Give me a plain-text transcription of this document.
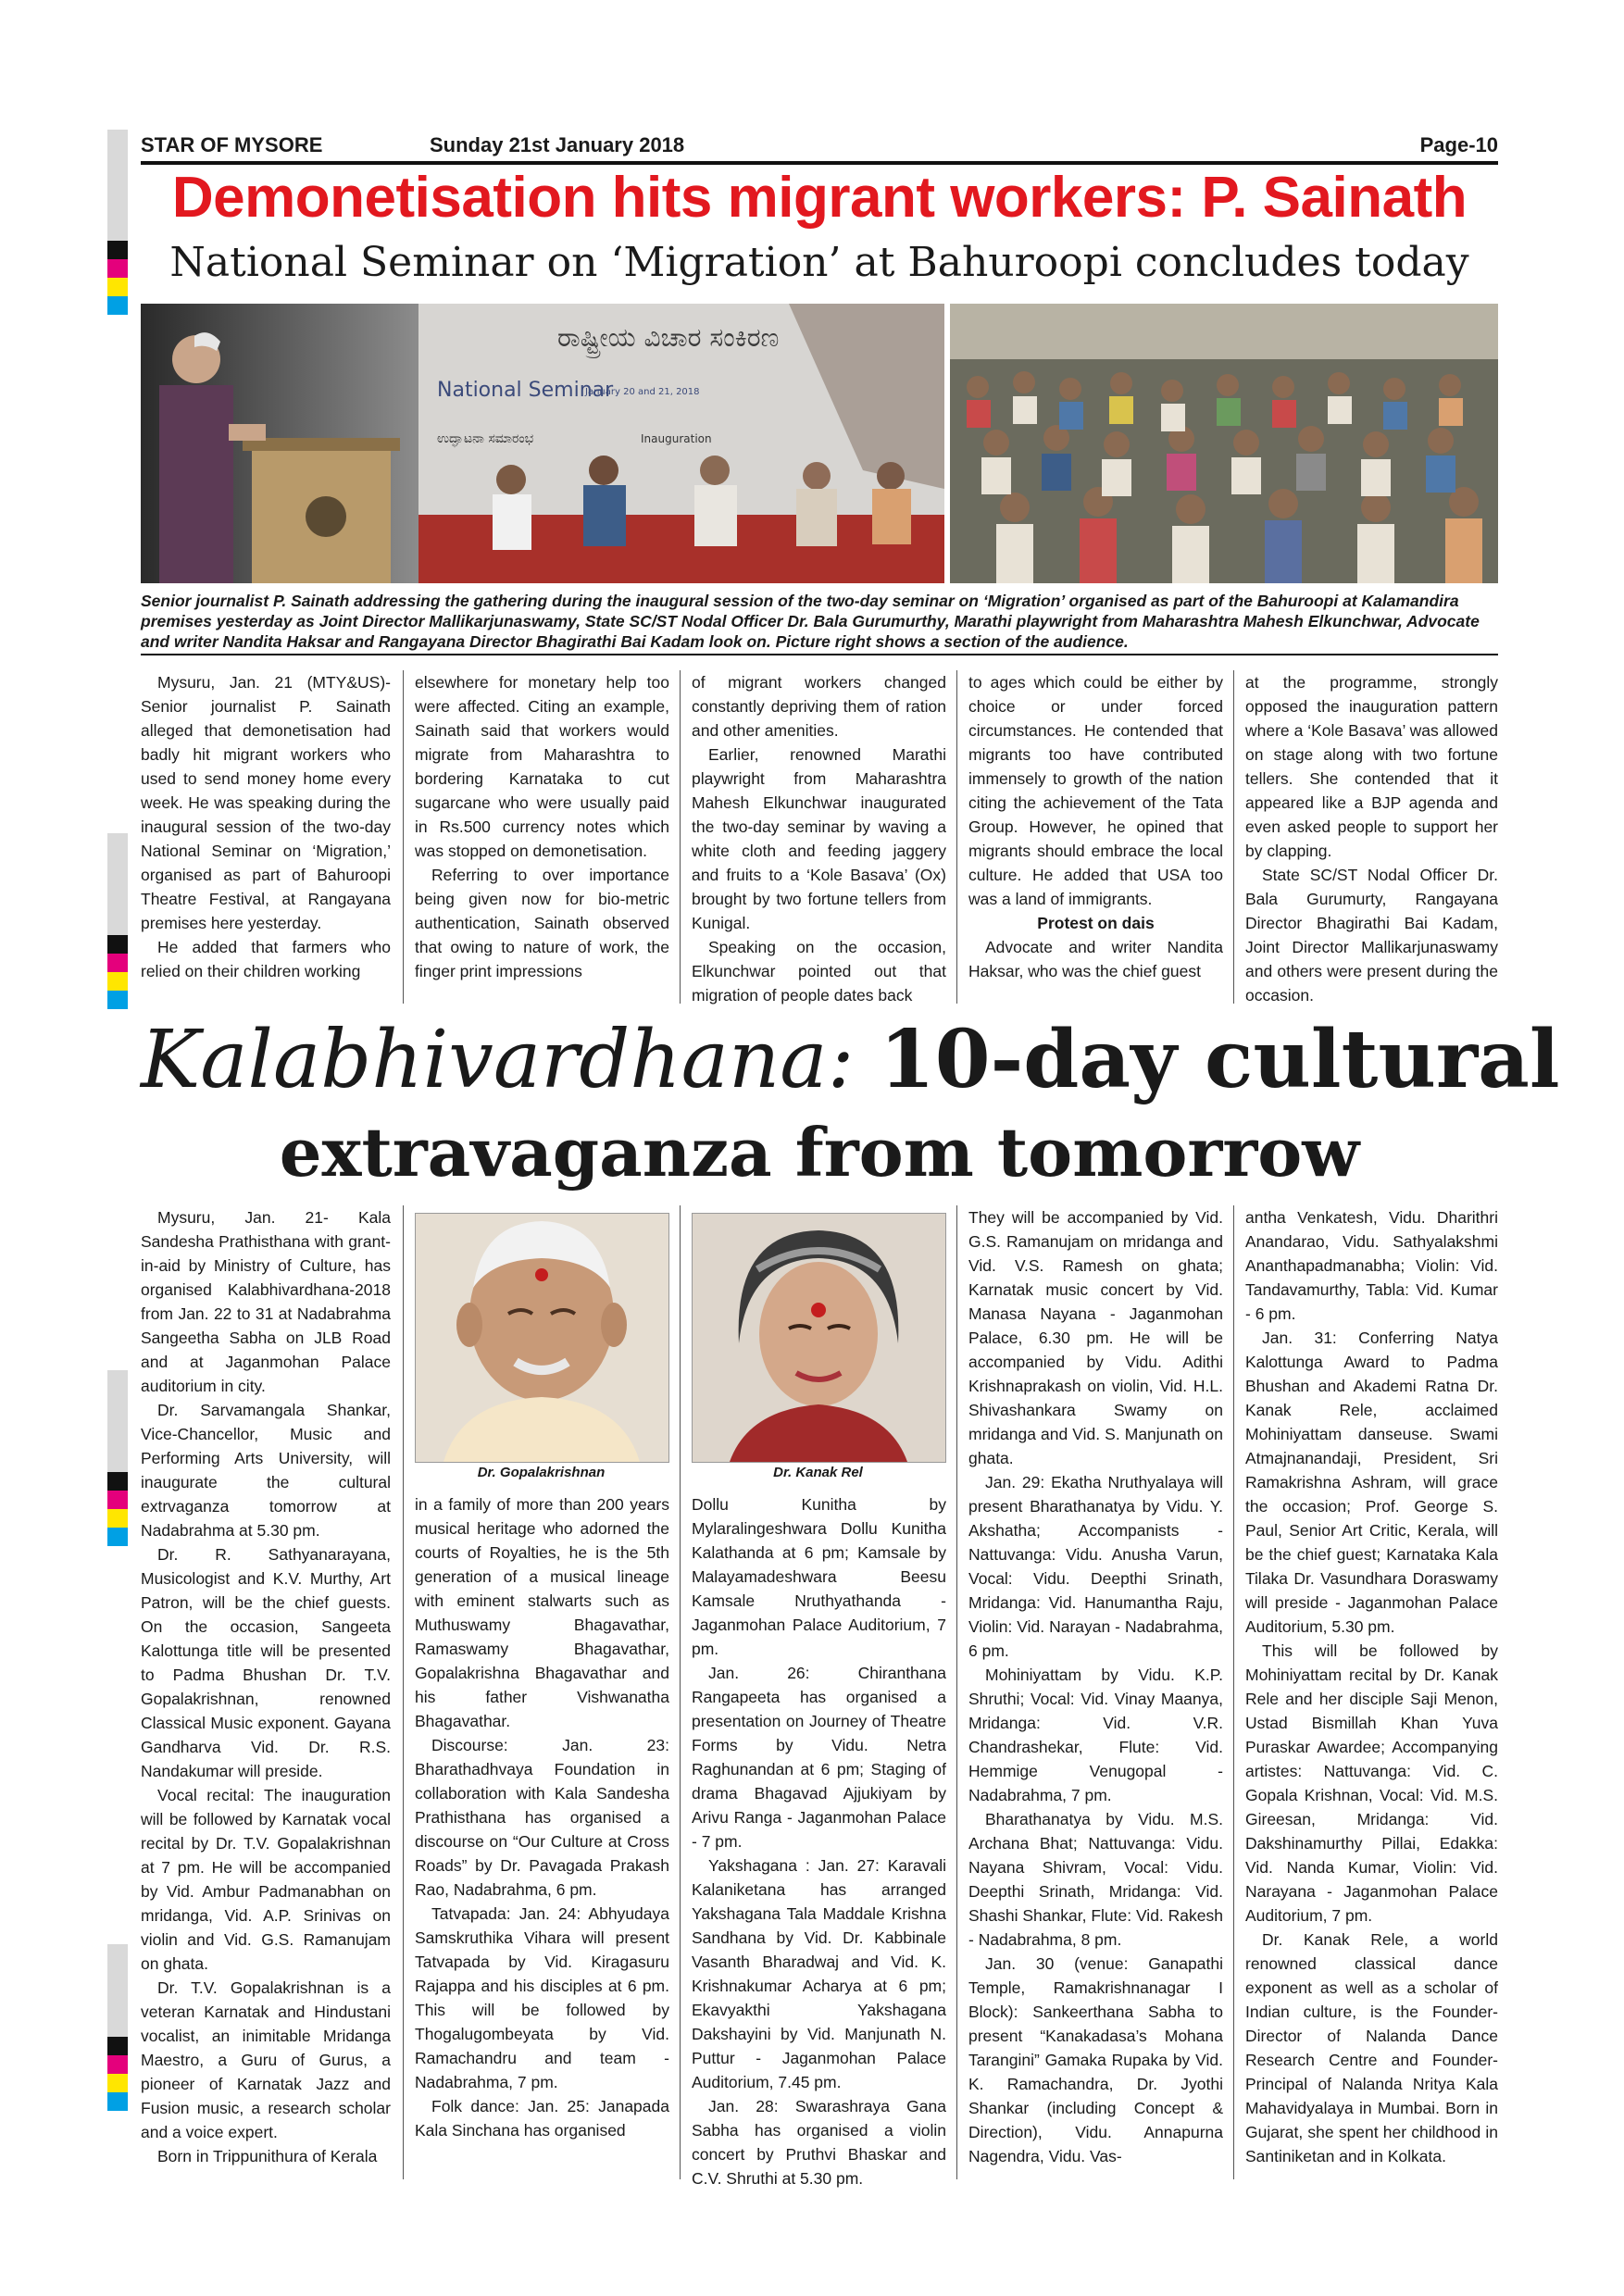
STAR OF MYSORE	Sunday 21st January 2018	Page-10
Demonetisation hits migrant workers: P. Sainath
National Seminar on ‘Migration’ at Bahuroopi concludes today
ರಾಷ್ಟ್ರೀಯ ವಿಚಾರ ಸಂಕಿರಣ
National Seminar
January 20 and 21, 2018
ಉದ್ಘಾಟನಾ ಸಮಾರಂಭ	Inauguration
Senior journalist P. Sainath addressing the gathering during the inaugural session of the two-day seminar on ‘Migration’ organised as part of the Bahuroopi at Kalamandira premises yesterday as Joint Director Mallikarjunaswamy, State SC/ST Nodal Officer Dr. Bala Gurumurthy, Marathi playwright from Maharashtra Mahesh Elkunchwar, Advocate and writer Nandita Haksar and Rangayana Director Bhagirathi Bai Kadam look on. Picture right shows a section of the audience.

Mysuru, Jan. 21 (MTY&US)- Senior journalist P. Sainath alleged that demonetisation had badly hit migrant workers who used to send money home every week. He was speaking during the inaugural session of the two-day National Seminar on ‘Migration,’ organised as part of Bahuroopi Theatre Festival, at Rangayana premises here yesterday.

He added that farmers who relied on their children working

elsewhere for monetary help too were affected. Citing an example, Sainath said that workers would migrate from Maharashtra to bordering Karnataka to cut sugarcane who were usually paid in Rs.500 currency notes which was stopped on demonetisation.

Referring to over importance being given now for bio-metric authentication, Sainath observed that owing to nature of work, the finger print impressions

of migrant workers changed constantly depriving them of ration and other amenities.

Earlier, renowned Marathi playwright from Maharashtra Mahesh Elkunchwar inaugurated the two-day seminar by waving a white cloth and feeding jaggery and fruits to a ‘Kole Basava’ (Ox) brought by two fortune tellers from Kunigal.

Speaking on the occasion, Elkunchwar pointed out that migration of people dates back

to ages which could be either by choice or under forced circumstances. He contended that migrants too have contributed immensely to growth of the nation citing the achievement of the Tata Group. However, he opined that migrants should embrace the local culture. He added that USA too was a land of immigrants.

Protest on dais

Advocate and writer Nandita Haksar, who was the chief guest

at the programme, strongly opposed the inauguration pattern where a ‘Kole Basava’ was allowed on stage along with two fortune tellers. She contended that it appeared like a BJP agenda and even asked people to support her by clapping.

State SC/ST Nodal Officer Dr. Bala Gurumurty, Rangayana Director Bhagirathi Bai Kadam, Joint Director Mallikarjunaswamy and others were present during the occasion.

Kalabhivardhana: 10-day cultural
extravaganza from tomorrow

Mysuru, Jan. 21- Kala Sandesha Prathisthana with grant-in-aid by Ministry of Culture, has organised Kalabhivardhana-2018 from Jan. 22 to 31 at Nadabrahma Sangeetha Sabha on JLB Road and at Jaganmohan Palace auditorium in city.

Dr. Sarvamangala Shankar, Vice-Chancellor, Music and Performing Arts University, will inaugurate the cultural extrvaganza tomorrow at Nadabrahma at 5.30 pm.

Dr. R. Sathyanarayana, Musicologist and K.V. Murthy, Art Patron, will be the chief guests. On the occasion, Sangeeta Kalottunga title will be presented to Padma Bhushan Dr. T.V. Gopalakrishnan, renowned Classical Music exponent. Gayana Gandharva Vid. Dr. R.S. Nandakumar will preside.

Vocal recital: The inauguration will be followed by Karnatak vocal recital by Dr. T.V. Gopalakrishnan at 7 pm. He will be accompanied by Vid. Ambur Padmanabhan on mridanga, Vid. A.P. Srinivas on violin and Vid. G.S. Ramanujam on ghata.

Dr. T.V. Gopalakrishnan is a veteran Karnatak and Hindustani vocalist, an inimitable Mridanga Maestro, a Guru of Gurus, a pioneer of Karnatak Jazz and Fusion music, a research scholar and a voice expert.

Born in Trippunithura of Kerala

Dr. Gopalakrishnan	Dr. Kanak Rel

in a family of more than 200 years musical heritage who adorned the courts of Royalties, he is the 5th generation of a musical lineage with eminent stalwarts such as Muthuswamy Bhagavathar, Ramaswamy Bhagavathar, Gopalakrishna Bhagavathar and his father Vishwanatha Bhagavathar.

Discourse: Jan. 23: Bharathadhvaya Foundation in collaboration with Kala Sandesha Prathisthana has organised a discourse on “Our Culture at Cross Roads” by Dr. Pavagada Prakash Rao, Nadabrahma, 6 pm.

Tatvapada: Jan. 24: Abhyudaya Samskruthika Vihara will present Tatvapada by Vid. Kiragasuru Rajappa and his disciples at 6 pm. This will be followed by Thogalugombeyata by Vid. Ramachandru and team - Nadabrahma, 7 pm.

Folk dance: Jan. 25: Janapada Kala Sinchana has organised

Dollu Kunitha by Mylaralingeshwara Dollu Kunitha Kalathanda at 6 pm; Kamsale by Malayamadeshwara Beesu Kamsale Nruthyathanda - Jaganmohan Palace Auditorium, 7 pm.

Jan. 26: Chiranthana Rangapeeta has organised a presentation on Journey of Theatre Forms by Vidu. Netra Raghunandan at 6 pm; Staging of drama Bhagavad Ajjukiyam by Arivu Ranga - Jaganmohan Palace - 7 pm.

Yakshagana : Jan. 27: Karavali Kalaniketana has arranged Yakshagana Tala Maddale Krishna Sandhana by Vid. Dr. Kabbinale Vasanth Bharadwaj and Vid. K. Krishnakumar Acharya at 6 pm; Ekavyakthi Yakshagana Dakshayini by Vid. Manjunath N. Puttur - Jaganmohan Palace Auditorium, 7.45 pm.

Jan. 28: Swarashraya Gana Sabha has organised a violin concert by Pruthvi Bhaskar and C.V. Shruthi at 5.30 pm.

They will be accompanied by Vid. G.S. Ramanujam on mridanga and Vid. V.S. Ramesh on ghata; Karnatak music concert by Vid. Manasa Nayana - Jaganmohan Palace, 6.30 pm. He will be accompanied by Vidu. Adithi Krishnaprakash on violin, Vid. H.L. Shivashankara Swamy on mridanga and Vid. S. Manjunath on ghata.

Jan. 29: Ekatha Nruthyalaya will present Bharathanatya by Vidu. Y. Akshatha; Accompanists - Nattuvanga: Vidu. Anusha Varun, Vocal: Vidu. Deepthi Srinath, Mridanga: Vid. Hanumantha Raju, Violin: Vid. Narayan - Nadabrahma, 6 pm.

Mohiniyattam by Vidu. K.P. Shruthi; Vocal: Vid. Vinay Maanya, Mridanga: Vid. V.R. Chandrashekar, Flute: Vid. Hemmige Venugopal - Nadabrahma, 7 pm.

Bharathanatya by Vidu. M.S. Archana Bhat; Nattuvanga: Vidu. Nayana Shivram, Vocal: Vidu. Deepthi Srinath, Mridanga: Vid. Shashi Shankar, Flute: Vid. Rakesh - Nadabrahma, 8 pm.

Jan. 30 (venue: Ganapathi Temple, Ramakrishnanagar I Block): Sankeerthana Sabha to present “Kanakadasa’s Mohana Tarangini” Gamaka Rupaka by Vid. K. Ramachandra, Dr. Jyothi Shankar (including Concept & Direction), Vidu. Annapurna Nagendra, Vidu. Vas-

antha Venkatesh, Vidu. Dharithri Anandarao, Vidu. Sathyalakshmi Ananthapadmanabha; Violin: Vid. Tandavamurthy, Tabla: Vid. Kumar - 6 pm.

Jan. 31: Conferring Natya Kalottunga Award to Padma Bhushan and Akademi Ratna Dr. Kanak Rele, acclaimed Mohiniyattam danseuse. Swami Atmajnanandaji, President, Sri Ramakrishna Ashram, will grace the occasion; Prof. George S. Paul, Senior Art Critic, Kerala, will be the chief guest; Karnataka Kala Tilaka Dr. Vasundhara Doraswamy will preside - Jaganmohan Palace Auditorium, 5.30 pm.

This will be followed by Mohiniyattam recital by Dr. Kanak Rele and her disciple Saji Menon, Ustad Bismillah Khan Yuva Puraskar Awardee; Accompanying artistes: Nattuvanga: Vid. C. Gopala Krishnan, Vocal: Vid. M.S. Gireesan, Mridanga: Vid. Dakshinamurthy Pillai, Edakka: Vid. Nanda Kumar, Violin: Vid. Narayana - Jaganmohan Palace Auditorium, 7 pm.

Dr. Kanak Rele, a world renowned classical dance exponent as well as a scholar of Indian culture, is the Founder-Director of Nalanda Dance Research Centre and Founder-Principal of Nalanda Nritya Kala Mahavidyalaya in Mumbai. Born in Gujarat, she spent her childhood in Santiniketan and in Kolkata.
